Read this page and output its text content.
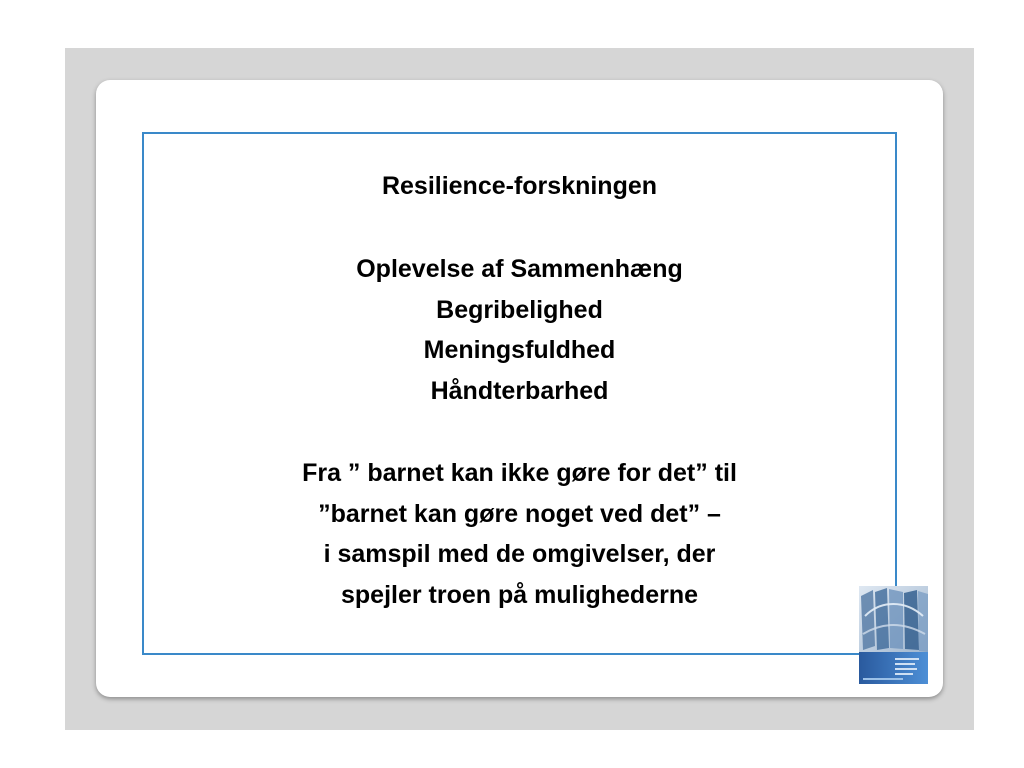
Resilience-forskningen
Oplevelse af Sammenhæng
Begribelighed
Meningsfuldhed
Håndterbarhed
Fra ” barnet kan ikke gøre for det” til
”barnet kan gøre noget ved det” –
i samspil med de omgivelser, der
spejler troen på mulighederne
